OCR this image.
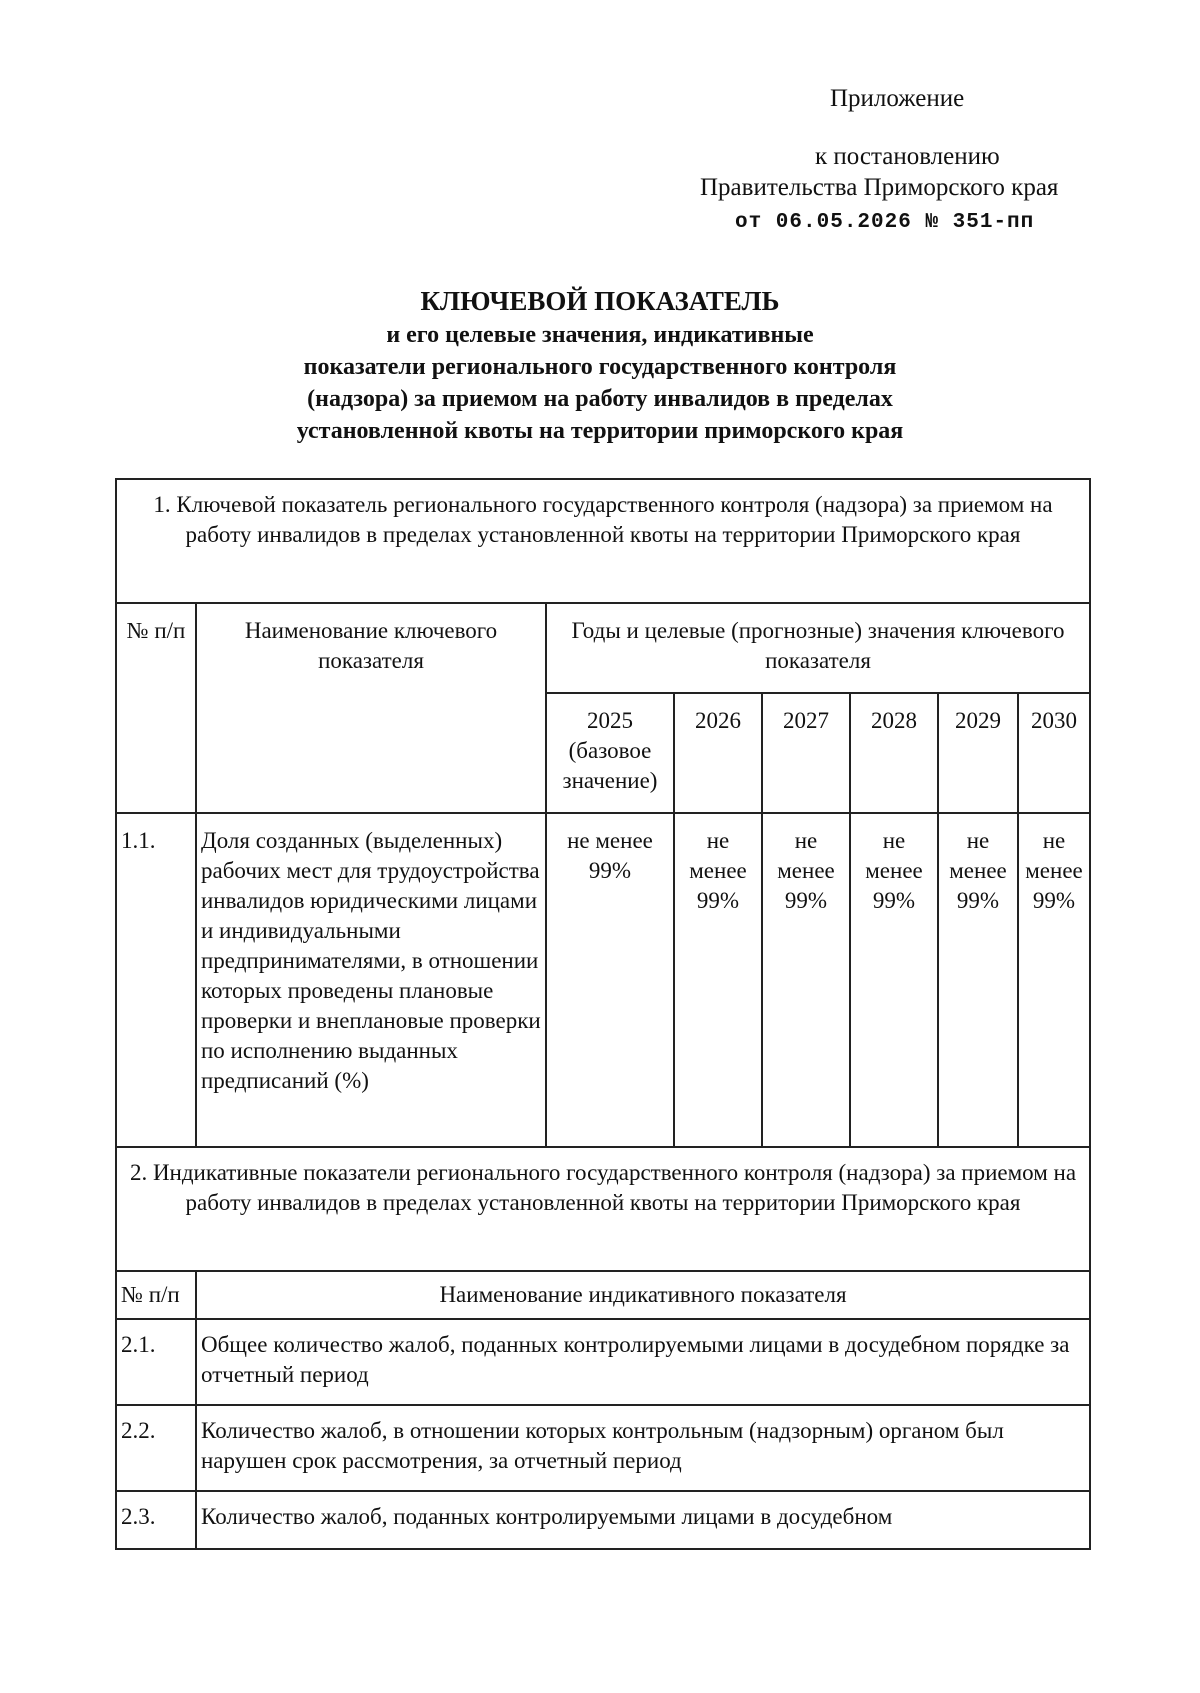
Приложение
к постановлению
Правительства Приморского края
от 06.05.2026 № 351-пп
КЛЮЧЕВОЙ ПОКАЗАТЕЛЬ
и его целевые значения, индикативные
показатели регионального государственного контроля
(надзора) за приемом на работу инвалидов в пределах
установленной квоты на территории приморского края
1. Ключевой показатель регионального государственного контроля (надзора) за приемом на работу инвалидов в пределах установленной квоты на территории Приморского края							
№ п/п	Наименование ключевого показателя	Годы и целевые (прогнозные) значения ключевого показателя					
		2025 (базовое значение)	2026	2027	2028	2029	2030
1.1.	Доля созданных (выделенных) рабочих мест для трудоустройства инвалидов юридическими лицами и индивидуальными предпринимателями, в отношении которых проведены плановые проверки и внеплановые проверки по исполнению выданных предписаний (%)	не менее 99%	не менее 99%	не менее 99%	не менее 99%	не менее 99%	не менее 99%
2. Индикативные показатели регионального государственного контроля (надзора) за приемом на работу инвалидов в пределах установленной квоты на территории Приморского края							
№ п/п	Наименование индикативного показателя						
2.1.	Общее количество жалоб, поданных контролируемыми лицами в досудебном порядке за отчетный период						
2.2.	Количество жалоб, в отношении которых контрольным (надзорным) органом был нарушен срок рассмотрения, за отчетный период						
2.3.	Количество жалоб, поданных контролируемыми лицами в досудебном						
